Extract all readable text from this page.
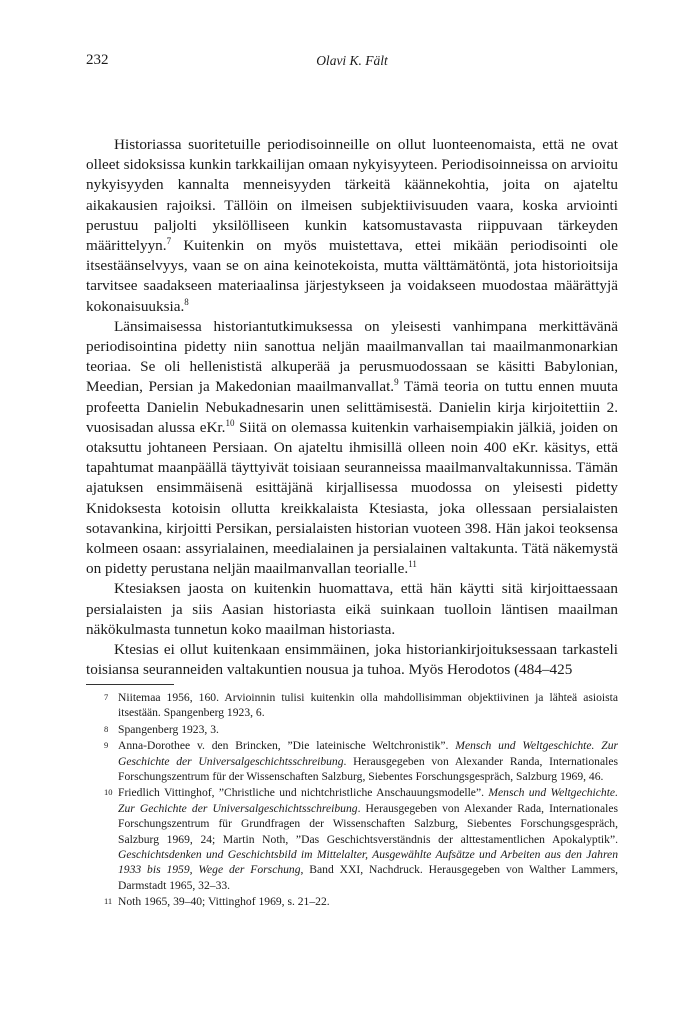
232	Olavi K. Fält

Historiassa suoritetuille periodisoinneille on ollut luonteenomaista, että ne ovat olleet sidoksissa kunkin tarkkailijan omaan nykyisyyteen. Periodisoinneissa on arvioitu nykyisyyden kannalta menneisyyden tärkeitä käännekohtia, joita on ajateltu aikakausien rajoiksi. Tällöin on ilmeisen subjektiivisuuden vaara, koska arviointi perustuu paljolti yksilölliseen kunkin katsomustavasta riippuvaan tärkeyden määrittelyyn.$^7$ Kuitenkin on myös muistettava, ettei mikään periodisointi ole itsestäänselvyys, vaan se on aina keinotekoista, mutta välttämätöntä, jota historioitsija tarvitsee saadakseen materiaalinsa järjestykseen ja voidakseen muodostaa määrättyjä kokonaisuuksia.$^8$

Länsimaisessa historiantutkimuksessa on yleisesti vanhimpana merkittävänä periodisointina pidetty niin sanottua neljän maailmanvallan tai maailmanmonarkian teoriaa. Se oli hellenististä alkuperää ja perusmuodossaan se käsitti Babylonian, Meedian, Persian ja Makedonian maailmanvallat.$^9$ Tämä teoria on tuttu ennen muuta profeetta Danielin Nebukadnesarin unen selittämisestä. Danielin kirja kirjoitettiin 2. vuosisadan alussa eKr.$^{10}$ Siitä on olemassa kuitenkin varhaisempiakin jälkiä, joiden on otaksuttu johtaneen Persiaan. On ajateltu ihmisillä olleen noin 400 eKr. käsitys, että tapahtumat maanpäällä täyttyivät toisiaan seuranneissa maailmanvaltakunnissa. Tämän ajatuksen ensimmäisenä esittäjänä kirjallisessa muodossa on yleisesti pidetty Knidoksesta kotoisin ollutta kreikkalaista Ktesiasta, joka ollessaan persialaisten sotavankina, kirjoitti Persikan, persialaisten historian vuoteen 398. Hän jakoi teoksensa kolmeen osaan: assyrialainen, meedialainen ja persialainen valtakunta. Tätä näkemystä on pidetty perustana neljän maailmanvallan teorialle.$^{11}$

Ktesiaksen jaosta on kuitenkin huomattava, että hän käytti sitä kirjoittaessaan persialaisten ja siis Aasian historiasta eikä suinkaan tuolloin läntisen maailman näkökulmasta tunnetun koko maailman historiasta.

Ktesias ei ollut kuitenkaan ensimmäinen, joka historiankirjoituksessaan tarkasteli toisiansa seuranneiden valtakuntien nousua ja tuhoa. Myös Herodotos (484–425

7 Niitemaa 1956, 160. Arvioinnin tulisi kuitenkin olla mahdollisimman objektiivinen ja lähteä asioista itsestään. Spangenberg 1923, 6.
8 Spangenberg 1923, 3.
9 Anna-Dorothee v. den Brincken, ”Die lateinische Weltchronistik”. Mensch und Weltgeschichte. Zur Geschichte der Universalgeschichtsschreibung. Herausgegeben von Alexander Randa, Internationales Forschungszentrum für der Wissenschaften Salzburg, Siebentes Forschungsgespräch, Salzburg 1969, 46.
10 Friedlich Vittinghof, ”Christliche und nichtchristliche Anschauungsmodelle”. Mensch und Weltgechichte. Zur Gechichte der Universalgeschichtsschreibung. Herausgegeben von Alexander Rada, Internationales Forschungszentrum für Grundfragen der Wissenschaften Salzburg, Siebentes Forschungsgespräch, Salzburg 1969, 24; Martin Noth, ”Das Geschichtsverständnis der alttestamentlichen Apokalyptik”. Geschichtsdenken und Geschichtsbild im Mittelalter, Ausgewählte Aufsätze und Arbeiten aus den Jahren 1933 bis 1959, Wege der Forschung, Band XXI, Nachdruck. Herausgegeben von Walther Lammers, Darmstadt 1965, 32–33.
11 Noth 1965, 39–40; Vittinghof 1969, s. 21–22.
